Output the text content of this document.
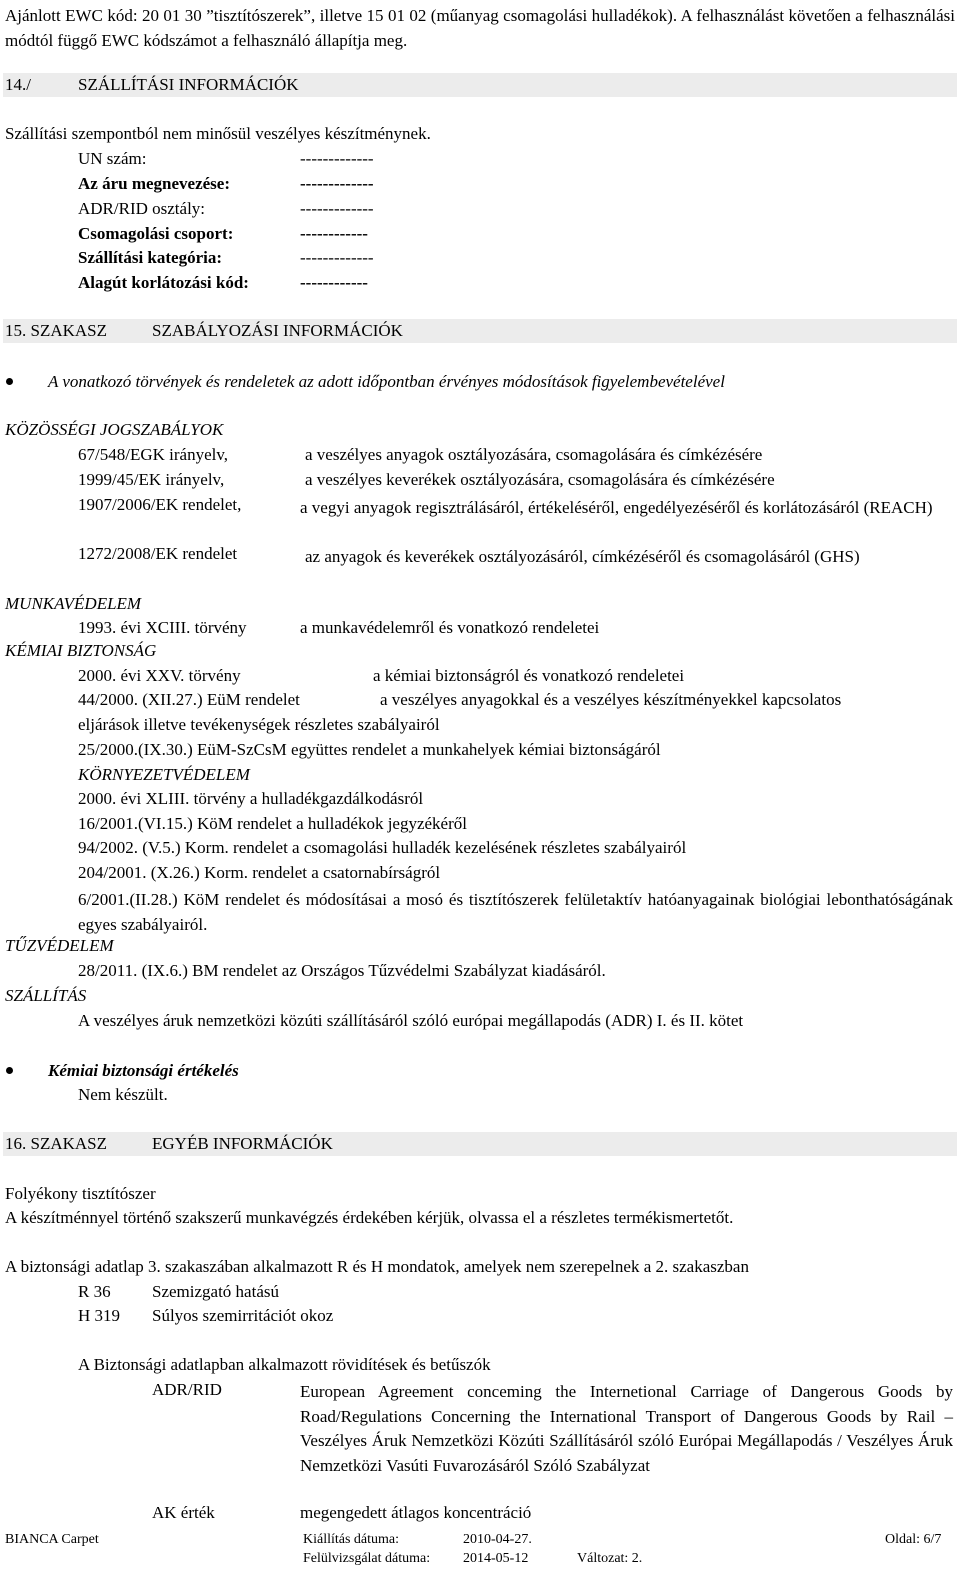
Ajánlott EWC kód: 20 01 30 ”tisztítószerek”, illetve 15 01 02 (műanyag csomagolási hulladékok). A felhasználást követően a felhasználási módtól függő EWC kódszámot a felhasználó állapítja meg.
14./	SZÁLLÍTÁSI INFORMÁCIÓK
Szállítási szempontból nem minősül veszélyes készítménynek.
UN szám:	-------------
Az áru megnevezése:	-------------
ADR/RID osztály:	-------------
Csomagolási csoport:	------------
Szállítási kategória:	-------------
Alagút korlátozási kód:	------------
15. SZAKASZ	SZABÁLYOZÁSI INFORMÁCIÓK
A vonatkozó törvények és rendeletek az adott időpontban érvényes módosítások figyelembevételével
KÖZÖSSÉGI JOGSZABÁLYOK
67/548/EGK irányelv,	a veszélyes anyagok osztályozására, csomagolására és címkézésére
1999/45/EK irányelv,	a veszélyes keverékek osztályozására, csomagolására és címkézésére
1907/2006/EK rendelet,	a vegyi anyagok regisztrálásáról, értékeléséről, engedélyezéséről és korlátozásáról (REACH)
1272/2008/EK rendelet	az anyagok és keverékek osztályozásáról, címkézéséről és csomagolásáról (GHS)
MUNKAVÉDELEM
1993. évi XCIII. törvény	a munkavédelemről és vonatkozó rendeletei
KÉMIAI BIZTONSÁG
2000. évi XXV. törvény	a kémiai biztonságról és vonatkozó rendeletei
44/2000. (XII.27.) EüM rendelet	a veszélyes anyagokkal és a veszélyes készítményekkel kapcsolatos
eljárások illetve tevékenységek részletes szabályairól
25/2000.(IX.30.) EüM-SzCsM együttes rendelet a munkahelyek kémiai biztonságáról
KÖRNYEZETVÉDELEM
2000. évi XLIII. törvény a hulladékgazdálkodásról
16/2001.(VI.15.) KöM rendelet a hulladékok jegyzékéről
94/2002. (V.5.) Korm. rendelet a csomagolási hulladék kezelésének részletes szabályairól
204/2001. (X.26.) Korm. rendelet a csatornabírságról
6/2001.(II.28.) KöM rendelet és módosításai a mosó és tisztítószerek felületaktív hatóanyagainak biológiai lebonthatóságának egyes szabályairól.
TŰZVÉDELEM
28/2011. (IX.6.) BM rendelet az Országos Tűzvédelmi Szabályzat kiadásáról.
SZÁLLÍTÁS
A veszélyes áruk nemzetközi közúti szállításáról szóló európai megállapodás (ADR) I. és II. kötet
Kémiai biztonsági értékelés
Nem készült.
16. SZAKASZ	EGYÉB INFORMÁCIÓK
Folyékony tisztítószer
A készítménnyel történő szakszerű munkavégzés érdekében kérjük, olvassa el a részletes termékismertetőt.
A biztonsági adatlap 3. szakaszában alkalmazott R és H mondatok, amelyek nem szerepelnek a 2. szakaszban
R 36 Szemizgató hatású
H 319 Súlyos szemirritációt okoz
A Biztonsági adatlapban alkalmazott rövidítések és betűszók
ADR/RID	European Agreement conceming the Internetional Carriage of Dangerous Goods by Road/Regulations Concerning the International Transport of Dangerous Goods by Rail –Veszélyes Áruk Nemzetközi Közúti Szállításáról szóló Európai Megállapodás / Veszélyes Áruk Nemzetközi Vasúti Fuvarozásáról Szóló Szabályzat
AK érték	megengedett átlagos koncentráció
BIANCA Carpet	Kiállítás dátuma:	2010-04-27.	Oldal: 6/7
Felülvizsgálat dátuma: 2014-05-12	Változat: 2.
